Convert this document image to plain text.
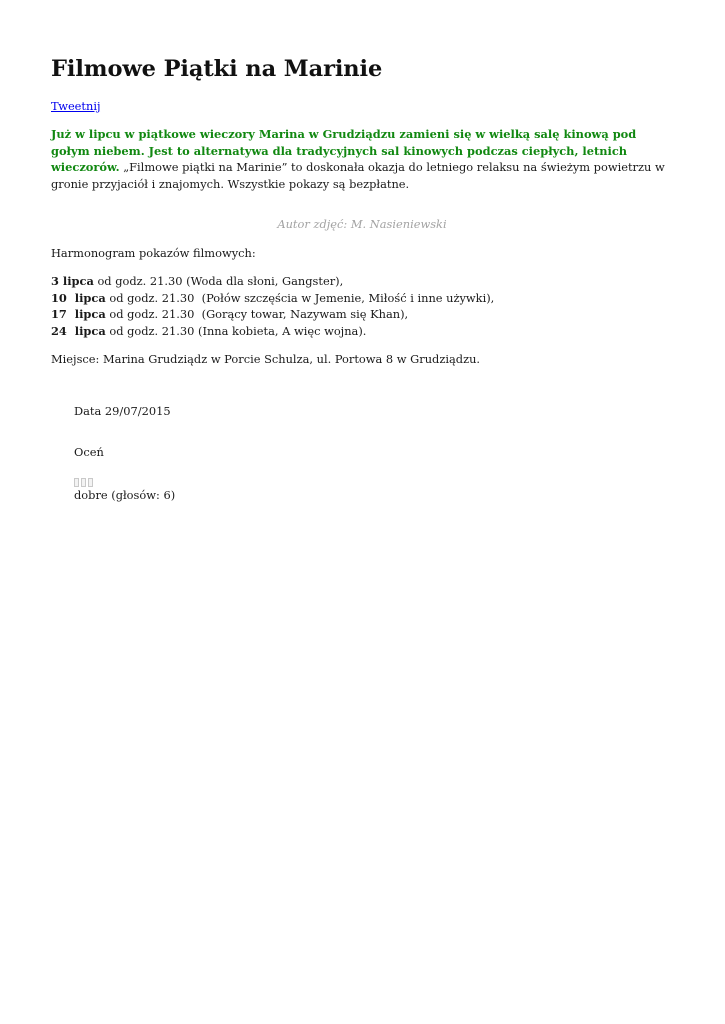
Filmowe Piątki na Marinie
Tweetnij

Już w lipcu w piątkowe wieczory Marina w Grudziądzu zamieni się w wielką salę kinową pod gołym niebem. Jest to alternatywa dla tradycyjnych sal kinowych podczas ciepłych, letnich wieczorów. „Filmowe piątki na Marinie” to doskonała okazja do letniego relaksu na świeżym powietrzu w gronie przyjaciół i znajomych. Wszystkie pokazy są bezpłatne.

Autor zdjęć: M. Nasieniewski

Harmonogram pokazów filmowych:

3 lipca od godz. 21.30 (Woda dla słoni, Gangster),
10  lipca od godz. 21.30  (Połów szczęścia w Jemenie, Miłość i inne używki),
17  lipca od godz. 21.30  (Gorący towar, Nazywam się Khan),
24  lipca od godz. 21.30 (Inna kobieta, A więc wojna).

Miejsce: Marina Grudziądz w Porcie Schulza, ul. Portowa 8 w Grudziądzu.

Data 29/07/2015
Oceń
dobre (głosów: 6)
